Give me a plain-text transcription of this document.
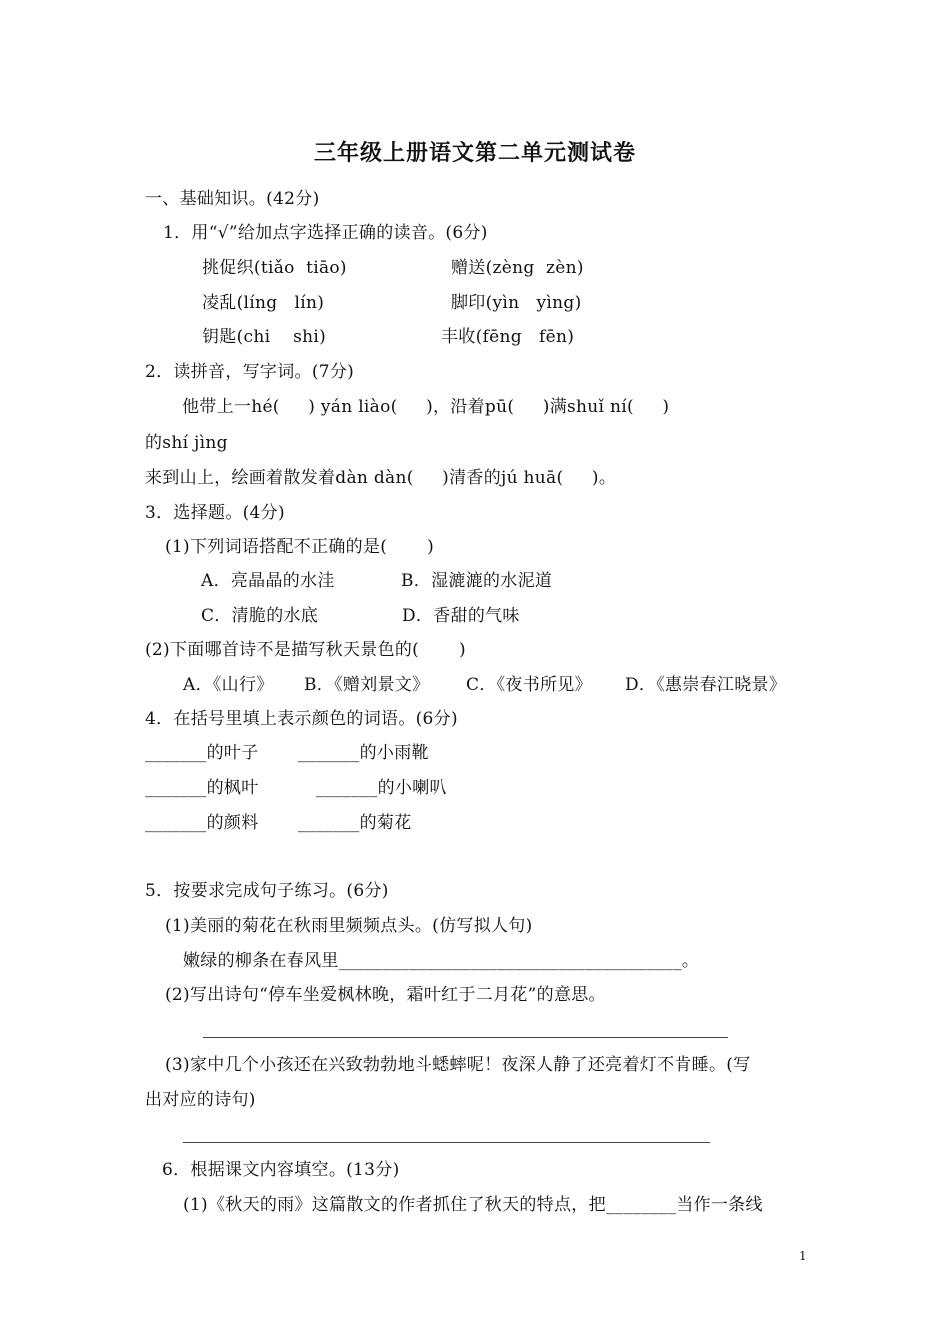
三年级上册语文第二单元测试卷
一、基础知识。(42分)
1．用“√”给加点字选择正确的读音。(6分)
挑促织(tiǎo  tiāo)	赠送(zèng  zèn)
凌乱(líng   lín)	脚印(yìn   yìng)
钥匙(chi    shi)	丰收(fēng   fēn)
2．读拼音，写字词。(7分)
他带上一hé(     ) yán liào(     )，沿着pū(     )满shuǐ ní(     )
的shí jìng
来到山上，绘画着散发着dàn dàn(     )清香的jú huā(     )。
3．选择题。(4分)
(1)下列词语搭配不正确的是(       )
A．亮晶晶的水洼	B．湿漉漉的水泥道
C．清脆的水底	D．香甜的气味
(2)下面哪首诗不是描写秋天景色的(       )
A．《山行》 B．《赠刘景文》 C．《夜书所见》 D．《惠崇春江晓景》
4．在括号里填上表示颜色的词语。(6分)
_______的叶子 _______的小雨靴
_______的枫叶	_______的小喇叭
_______的颜料 _______的菊花
5．按要求完成句子练习。(6分)
(1)美丽的菊花在秋雨里频频点头。(仿写拟人句)
嫩绿的柳条在春风里_______________________________________。
(2)写出诗句“停车坐爱枫林晚，霜叶红于二月花”的意思。
(3)家中几个小孩还在兴致勃勃地斗蟋蟀呢！夜深人静了还亮着灯不肯睡。(写
出对应的诗句)
6．根据课文内容填空。(13分)
(1)《秋天的雨》这篇散文的作者抓住了秋天的特点，把________当作一条线
1
